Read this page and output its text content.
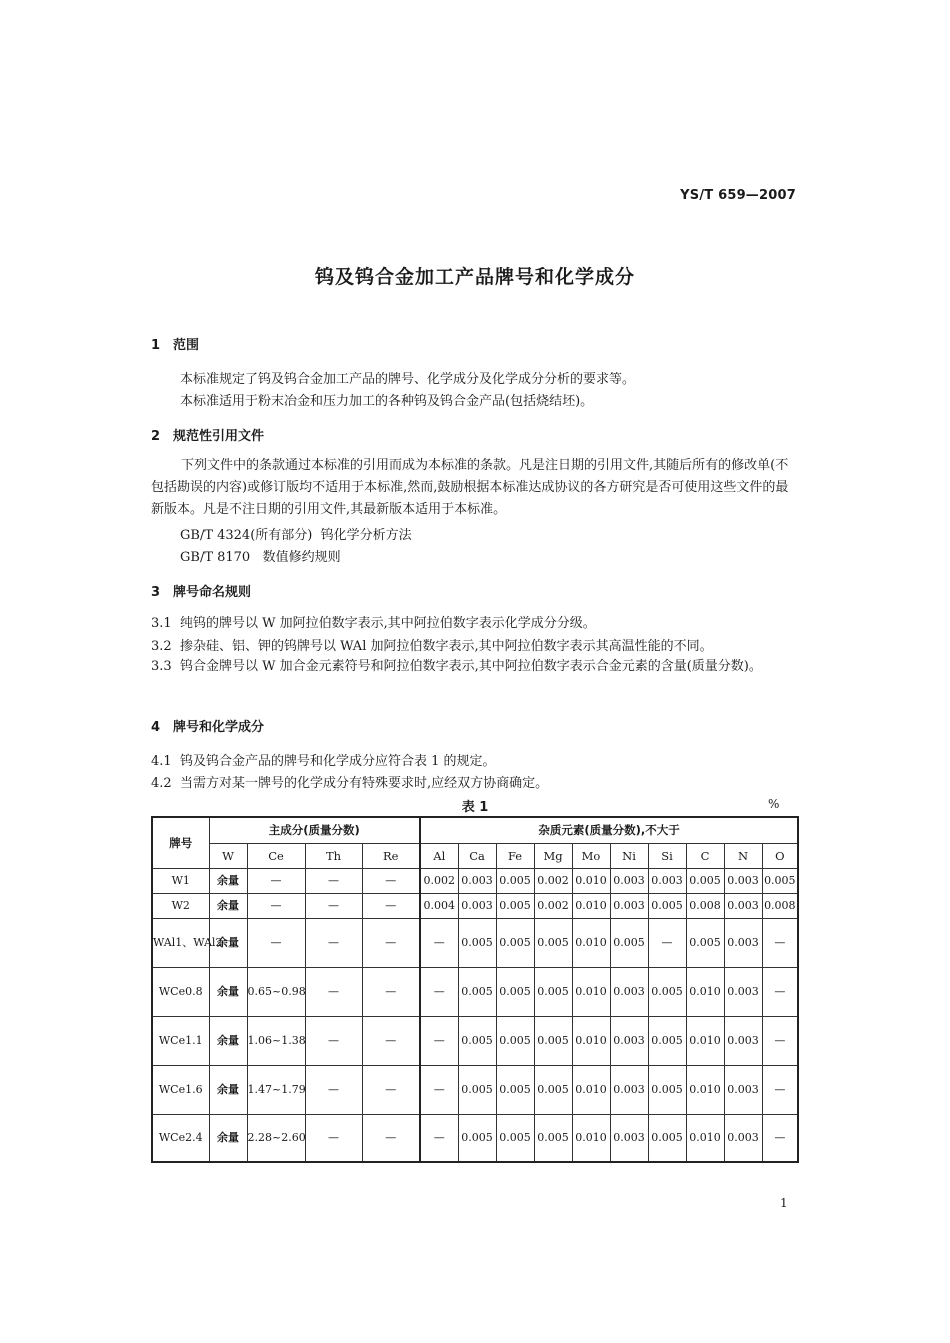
YS/T 659—2007
钨及钨合金加工产品牌号和化学成分
1 范围
本标准规定了钨及钨合金加工产品的牌号、化学成分及化学成分分析的要求等。
本标准适用于粉末冶金和压力加工的各种钨及钨合金产品(包括烧结坯)。
2 规范性引用文件
下列文件中的条款通过本标准的引用而成为本标准的条款。凡是注日期的引用文件,其随后所有的修改单(不包括勘误的内容)或修订版均不适用于本标准,然而,鼓励根据本标准达成协议的各方研究是否可使用这些文件的最新版本。凡是不注日期的引用文件,其最新版本适用于本标准。
GB/T 4324(所有部分) 钨化学分析方法
GB/T 8170 数值修约规则
3 牌号命名规则
3.1 纯钨的牌号以 W 加阿拉伯数字表示,其中阿拉伯数字表示化学成分分级。
3.2 掺杂硅、铝、钾的钨牌号以 WAl 加阿拉伯数字表示,其中阿拉伯数字表示其高温性能的不同。
3.3 钨合金牌号以 W 加合金元素符号和阿拉伯数字表示,其中阿拉伯数字表示合金元素的含量(质量分数)。
4 牌号和化学成分
4.1 钨及钨合金产品的牌号和化学成分应符合表 1 的规定。
4.2 当需方对某一牌号的化学成分有特殊要求时,应经双方协商确定。
表 1	%
牌号	主成分(质量分数)				杂质元素(质量分数),不大于									
	W	Ce	Th	Re	Al	Ca	Fe	Mg	Mo	Ni	Si	C	N	O
W1	余量	—	—	—	0.002	0.003	0.005	0.002	0.010	0.003	0.003	0.005	0.003	0.005
W2	余量	—	—	—	0.004	0.003	0.005	0.002	0.010	0.003	0.005	0.008	0.003	0.008
WAl1、WAl2	余量	—	—	—	—	0.005	0.005	0.005	0.010	0.005	—	0.005	0.003	—
WCe0.8	余量	0.65~0.98	—	—	—	0.005	0.005	0.005	0.010	0.003	0.005	0.010	0.003	—
WCe1.1	余量	1.06~1.38	—	—	—	0.005	0.005	0.005	0.010	0.003	0.005	0.010	0.003	—
WCe1.6	余量	1.47~1.79	—	—	—	0.005	0.005	0.005	0.010	0.003	0.005	0.010	0.003	—
WCe2.4	余量	2.28~2.60	—	—	—	0.005	0.005	0.005	0.010	0.003	0.005	0.010	0.003	—
1
